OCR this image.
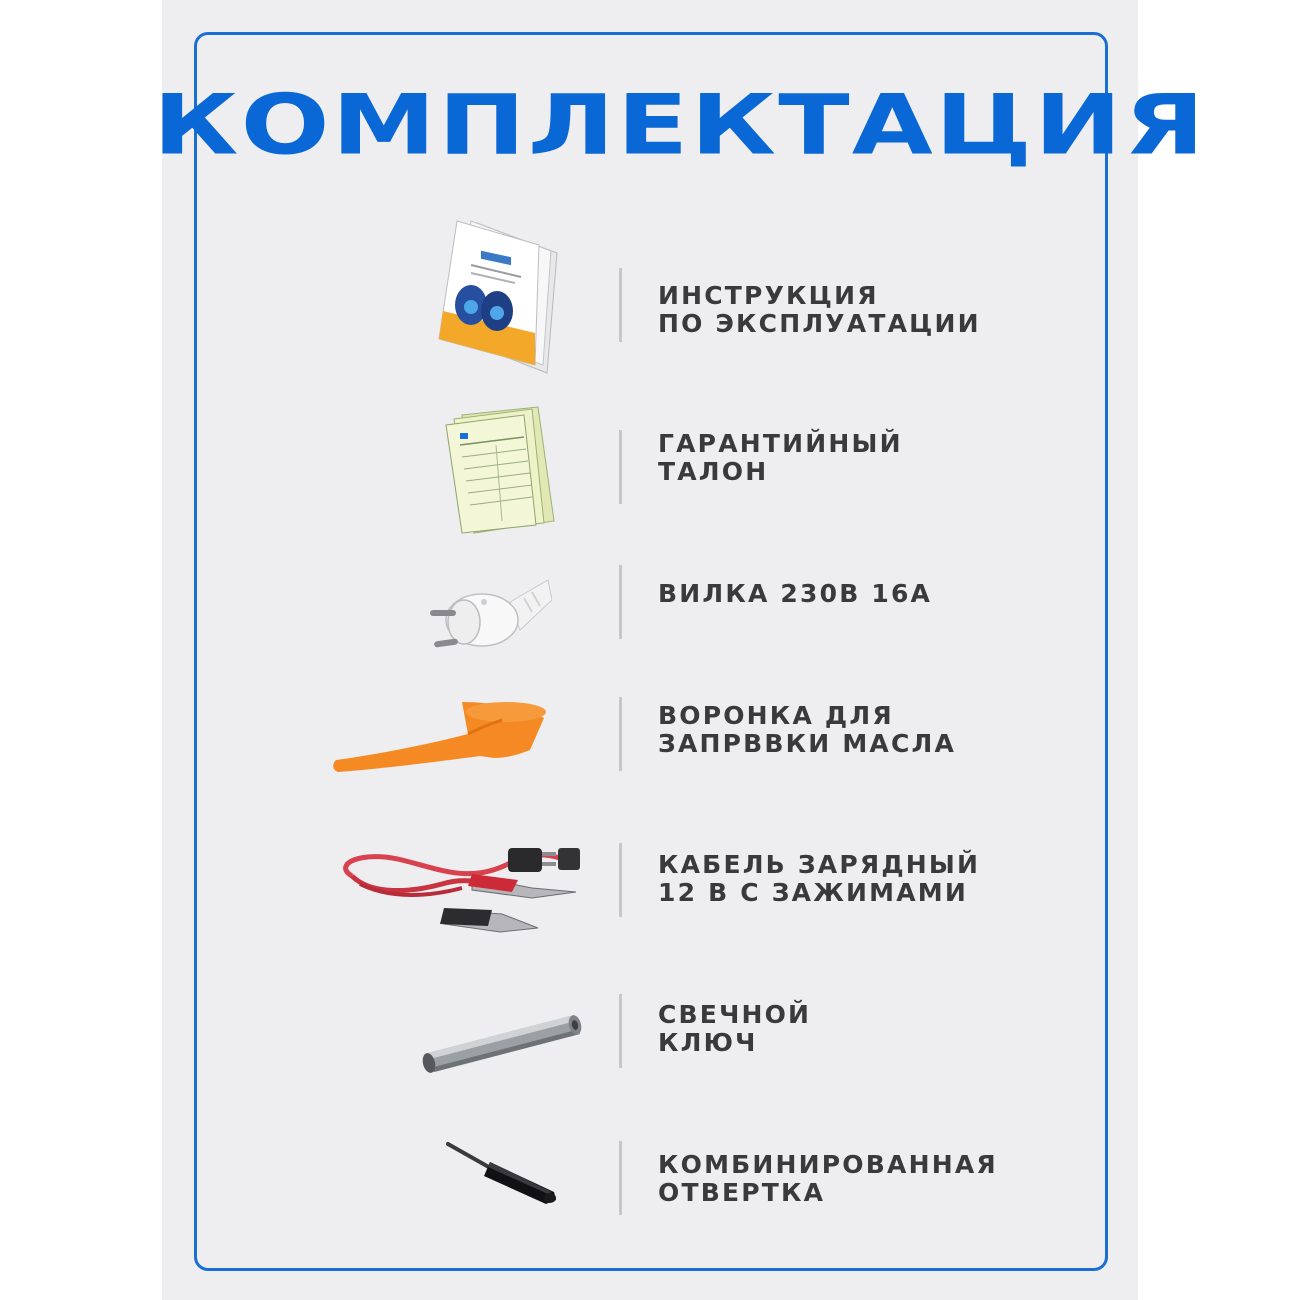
КОМПЛЕКТАЦИЯ
ИНСТРУКЦИЯ
ПО ЭКСПЛУАТАЦИИ
ГАРАНТИЙНЫЙ
ТАЛОН
ВИЛКА 230В 16А
ВОРОНКА ДЛЯ
ЗАПРВВКИ МАСЛА
КАБЕЛЬ ЗАРЯДНЫЙ
12 В С ЗАЖИМАМИ
СВЕЧНОЙ
КЛЮЧ
КОМБИНИРОВАННАЯ
ОТВЕРТКА
